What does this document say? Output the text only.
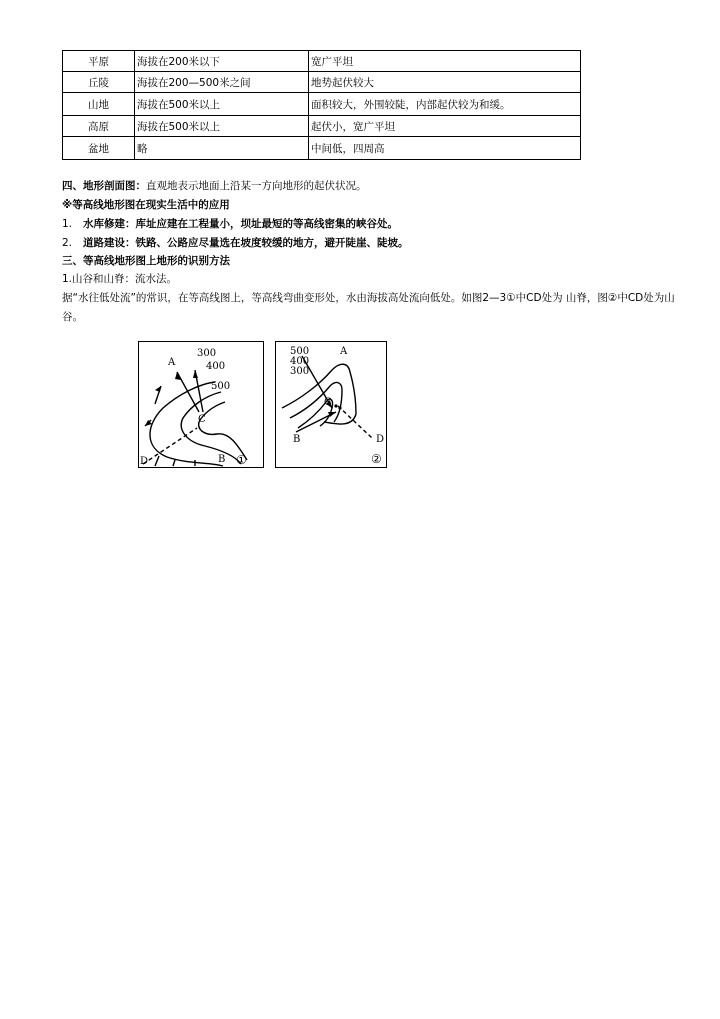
平原	海拔在200米以下	宽广平坦
丘陵	海拔在200—500米之间	地势起伏较大
山地	海拔在500米以上	面积较大，外围较陡，内部起伏较为和缓。
高原	海拔在500米以上	起伏小，宽广平坦
盆地	略	中间低，四周高
四、地形剖面图：直观地表示地面上沿某一方向地形的起伏状况。
※等高线地形图在现实生活中的应用
1. 水库修建：库址应建在工程量小，坝址最短的等高线密集的峡谷处。
2. 道路建设：铁路、公路应尽量选在坡度较缓的地方，避开陡崖、陡坡。
三、等高线地形图上地形的识别方法
1.山谷和山脊：流水法。
据“水往低处流”的常识，在等高线图上，等高线弯曲变形处，水由海拔高处流向低处。如图2—3①中CD处为 山脊，图②中CD处为山谷。
300
400
500
A
B
C
D	①
500
400
300
A
B
C
D
②
